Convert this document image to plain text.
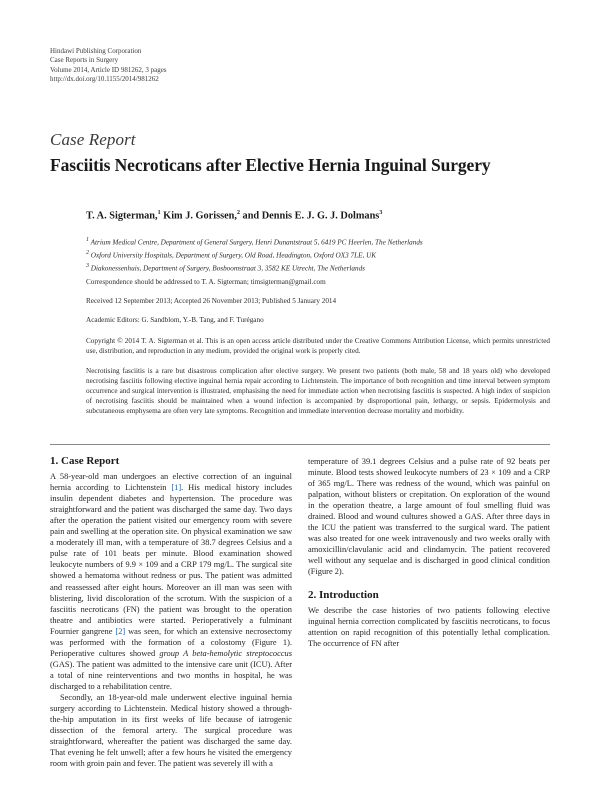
Hindawi Publishing Corporation
Case Reports in Surgery
Volume 2014, Article ID 981262, 3 pages
http://dx.doi.org/10.1155/2014/981262
Case Report
Fasciitis Necroticans after Elective Hernia Inguinal Surgery
T. A. Sigterman,$^1$ Kim J. Gorissen,$^2$ and Dennis E. J. G. J. Dolmans$^3$
$^1$ Atrium Medical Centre, Department of General Surgery, Henri Dunantstraat 5, 6419 PC Heerlen, The Netherlands
$^2$ Oxford University Hospitals, Department of Surgery, Old Road, Headington, Oxford OX3 7LE, UK
$^3$ Diakonessenhuis, Department of Surgery, Bosboomstraat 3, 3582 KE Utrecht, The Netherlands
Correspondence should be addressed to T. A. Sigterman; timsigterman@gmail.com
Received 12 September 2013; Accepted 26 November 2013; Published 5 January 2014
Academic Editors: G. Sandblom, Y.-B. Tang, and F. Turégano
Copyright © 2014 T. A. Sigterman et al. This is an open access article distributed under the Creative Commons Attribution License, which permits unrestricted use, distribution, and reproduction in any medium, provided the original work is properly cited.
Necrotising fasciitis is a rare but disastrous complication after elective surgery. We present two patients (both male, 58 and 18 years old) who developed necrotising fasciitis following elective inguinal hernia repair according to Lichtenstein. The importance of both recognition and time interval between symptom occurrence and surgical intervention is illustrated, emphasising the need for immediate action when necrotising fasciitis is suspected. A high index of suspicion of necrotising fasciitis should be maintained when a wound infection is accompanied by disproportional pain, lethargy, or sepsis. Epidermolysis and subcutaneous emphysema are often very late symptoms. Recognition and immediate intervention decrease mortality and morbidity.
1. Case Report

A 58-year-old man undergoes an elective correction of an inguinal hernia according to Lichtenstein [1]. His medical history includes insulin dependent diabetes and hypertension. The procedure was straightforward and the patient was discharged the same day. Two days after the operation the patient visited our emergency room with severe pain and swelling at the operation site. On physical examination we saw a moderately ill man, with a temperature of 38.7 degrees Celsius and a pulse rate of 101 beats per minute. Blood examination showed leukocyte numbers of 9.9 × 109 and a CRP 179 mg/L. The surgical site showed a hematoma without redness or pus. The patient was admitted and reassessed after eight hours. Moreover an ill man was seen with blistering, livid discoloration of the scrotum. With the suspicion of a fasciitis necroticans (FN) the patient was brought to the operation theatre and antibiotics were started. Perioperatively a fulminant Fournier gangrene [2] was seen, for which an extensive necrosectomy was performed with the formation of a colostomy (Figure 1). Perioperative cultures showed group A beta-hemolytic streptococcus (GAS). The patient was admitted to the intensive care unit (ICU). After a total of nine reinterventions and two months in hospital, he was discharged to a rehabilitation centre.

Secondly, an 18-year-old male underwent elective inguinal hernia surgery according to Lichtenstein. Medical history showed a through-the-hip amputation in its first weeks of life because of iatrogenic dissection of the femoral artery. The surgical procedure was straightforward, whereafter the patient was discharged the same day. That evening he felt unwell; after a few hours he visited the emergency room with groin pain and fever. The patient was severely ill with a

temperature of 39.1 degrees Celsius and a pulse rate of 92 beats per minute. Blood tests showed leukocyte numbers of 23 × 109 and a CRP of 365 mg/L. There was redness of the wound, which was painful on palpation, without blisters or crepitation. On exploration of the wound in the operation theatre, a large amount of foul smelling fluid was drained. Blood and wound cultures showed a GAS. After three days in the ICU the patient was transferred to the surgical ward. The patient was also treated for one week intravenously and two weeks orally with amoxicillin/clavulanic acid and clindamycin. The patient recovered well without any sequelae and is discharged in good clinical condition (Figure 2).

2. Introduction

We describe the case histories of two patients following elective inguinal hernia correction complicated by fasciitis necroticans, to focus attention on rapid recognition of this potentially lethal complication. The occurrence of FN after
